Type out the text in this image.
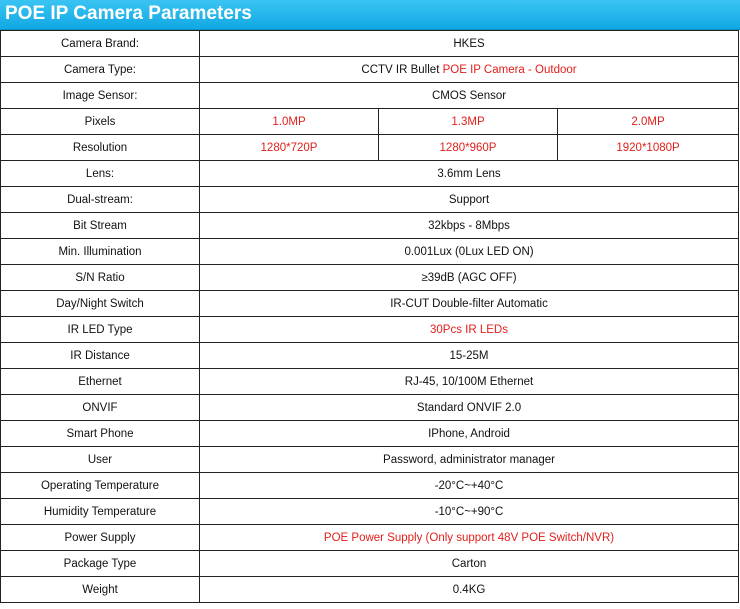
POE IP Camera Parameters
Camera Brand:	HKES		
Camera Type:	CCTV IR Bullet POE IP Camera - Outdoor		
Image Sensor:	CMOS Sensor		
Pixels	1.0MP	1.3MP	2.0MP
Resolution	1280*720P	1280*960P	1920*1080P
Lens:	3.6mm Lens		
Dual-stream:	Support		
Bit Stream	32kbps - 8Mbps		
Min. Illumination	0.001Lux (0Lux LED ON)		
S/N Ratio	≥39dB (AGC OFF)		
Day/Night Switch	IR-CUT Double-filter Automatic		
IR LED Type	30Pcs IR LEDs		
IR Distance	15-25M		
Ethernet	RJ-45, 10/100M Ethernet		
ONVIF	Standard ONVIF 2.0		
Smart Phone	IPhone, Android		
User	Password, administrator manager		
Operating Temperature	-20°C~+40°C		
Humidity Temperature	-10°C~+90°C		
Power Supply	POE Power Supply (Only support 48V POE Switch/NVR)		
Package Type	Carton		
Weight	0.4KG		
